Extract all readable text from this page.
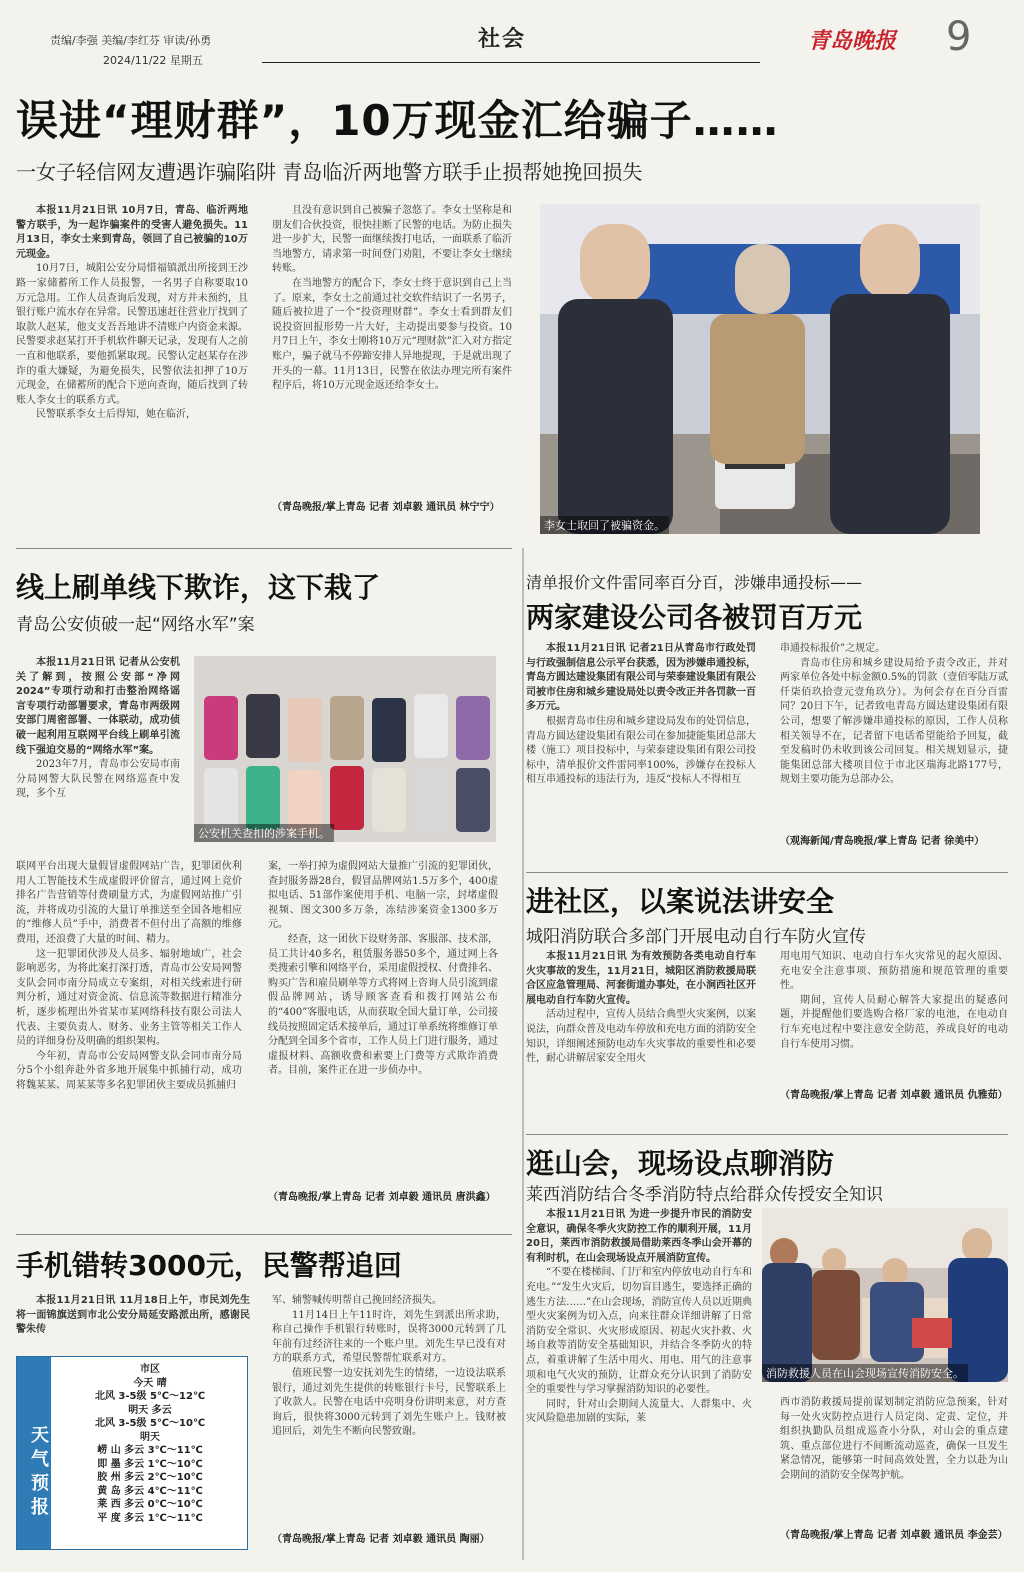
责编/李强 美编/李红芬 审读/孙勇
2024/11/22 星期五
社会	青岛晚报 9
误进“理财群”，10万现金汇给骗子……
一女子轻信网友遭遇诈骗陷阱 青岛临沂两地警方联手止损帮她挽回损失

本报11月21日讯 10月7日，青岛、临沂两地警方联手，为一起诈骗案件的受害人避免损失。11月13日，李女士来到青岛，领回了自己被骗的10万元现金。

10月7日，城阳公安分局惜福镇派出所接到王沙路一家储蓄所工作人员报警，一名男子自称要取10万元急用。工作人员查询后发现，对方并未预约，且银行账户流水存在异常。民警迅速赶往营业厅找到了取款人赵某，他支支吾吾地讲不清账户内资金来源。民警要求赵某打开手机软件聊天记录，发现有人之前一直和他联系，要他抓紧取现。民警认定赵某存在涉诈的重大嫌疑，为避免损失，民警依法扣押了10万元现金，在储蓄所的配合下逆向查询，随后找到了转账人李女士的联系方式。

民警联系李女士后得知，她在临沂，

且没有意识到自己被骗子忽悠了。李女士坚称是和朋友们合伙投资，很快挂断了民警的电话。为防止损失进一步扩大，民警一面继续拨打电话，一面联系了临沂当地警方，请求第一时间登门劝阻，不要让李女士继续转账。

在当地警方的配合下，李女士终于意识到自己上当了。原来，李女士之前通过社交软件结识了一名男子，随后被拉进了一个“投资理财群”。李女士看到群友们说投资回报形势一片大好，主动提出要参与投资。10月7日上午，李女士刚将10万元“理财款”汇入对方指定账户，骗子就马不停蹄安排人异地提现，于是就出现了开头的一幕。11月13日，民警在依法办理完所有案件程序后，将10万元现金返还给李女士。

（青岛晚报/掌上青岛 记者 刘卓毅 通讯员 林宁宁）
李女士取回了被骗资金。
线上刷单线下欺诈，这下栽了
青岛公安侦破一起“网络水军”案

本报11月21日讯 记者从公安机关了解到，按照公安部“净网2024”专项行动和打击整治网络谣言专项行动部署要求，青岛市两级网安部门周密部署、一体联动，成功侦破一起利用互联网平台线上刷单引流线下强迫交易的“网络水军”案。

2023年7月，青岛市公安局市南分局网警大队民警在网络巡查中发现，多个互

公安机关查扣的涉案手机。

联网平台出现大量假冒虚假网站广告，犯罪团伙利用人工智能技术生成虚假评价留言，通过网上竞价排名广告营销等付费刷量方式，为虚假网站推广引流，并将成功引流的大量订单推送至全国各地相应的“维修人员”手中，消费者不但付出了高额的维修费用，还浪费了大量的时间、精力。

这一犯罪团伙涉及人员多、辐射地域广，社会影响恶劣，为将此案打深打透，青岛市公安局网警支队会同市南分局成立专案组，对相关线索进行研判分析，通过对资金流、信息流等数据进行精准分析，逐步梳理出外省某市某网络科技有限公司法人代表、主要负责人、财务、业务主管等相关工作人员的详细身份及明确的组织架构。

今年初，青岛市公安局网警支队会同市南分局分5个小组奔赴外省多地开展集中抓捕行动，成功将魏某某、周某某等多名犯罪团伙主要成员抓捕归

案，一举打掉为虚假网站大量推广引流的犯罪团伙，查封服务器28台，假冒品牌网站1.5万多个，400虚拟电话、51部作案使用手机、电脑一宗，封堵虚假视频、图文300多万条，冻结涉案资金1300多万元。

经查，这一团伙下设财务部、客服部、技术部，员工共计40多名，租赁服务器50多个，通过网上各类搜索引擎和网络平台，采用虚假授权、付费排名、购买广告和雇员刷单等方式将网上咨询人员引流到虚假品牌网站，诱导顾客查看和拨打网站公布的“400”客服电话，从而获取全国大量订单，公司接线员按照固定话术接单后，通过订单系统将维修订单分配到全国多个省市，工作人员上门进行服务，通过虚报材料、高额收费和索要上门费等方式欺诈消费者。目前，案件正在进一步侦办中。

（青岛晚报/掌上青岛 记者 刘卓毅 通讯员 唐洪鑫）
手机错转3000元，民警帮追回

本报11月21日讯 11月18日上午，市民刘先生将一面锦旗送到市北公安分局延安路派出所，感谢民警朱传

军、辅警喊传明帮自己挽回经济损失。

11月14日上午11时许，刘先生到派出所求助，称自己操作手机银行转账时，误将3000元转到了几年前有过经济往来的一个账户里。刘先生早已没有对方的联系方式，希望民警帮忙联系对方。

值班民警一边安抚刘先生的情绪，一边设法联系银行，通过刘先生提供的转账银行卡号，民警联系上了收款人。民警在电话中亮明身份讲明来意，对方查询后，很快将3000元转到了刘先生账户上。钱财被追回后，刘先生不断向民警致谢。

（青岛晚报/掌上青岛 记者 刘卓毅 通讯员 陶丽）
天气预报
市区
今天 晴
北风 3-5级 5℃～12℃
明天 多云
北风 3-5级 5℃～10℃
明天
崂 山 多云 3℃～11℃
即 墨 多云 1℃～10℃
胶 州 多云 2℃～10℃
黄 岛 多云 4℃～11℃
莱 西 多云 0℃～10℃
平 度 多云 1℃～11℃
清单报价文件雷同率百分百，涉嫌串通投标——
两家建设公司各被罚百万元

本报11月21日讯 记者21日从青岛市行政处罚与行政强制信息公示平台获悉，因为涉嫌串通投标，青岛方圆达建设集团有限公司与荣泰建设集团有限公司被市住房和城乡建设局处以责令改正并各罚款一百多万元。

根据青岛市住房和城乡建设局发布的处罚信息，青岛方圆达建设集团有限公司在参加捷能集团总部大楼（施工）项目投标中，与荣泰建设集团有限公司投标中，清单报价文件雷同率100%，涉嫌存在投标人相互串通投标的违法行为，违反“投标人不得相互

串通投标报价”之规定。

青岛市住房和城乡建设局给予责令改正，并对两家单位各处中标金额0.5%的罚款（壹佰零陆万贰仟柒佰玖拾壹元壹角玖分）。为何会存在百分百雷同？20日下午，记者致电青岛方圆达建设集团有限公司，想要了解涉嫌串通投标的原因，工作人员称相关领导不在，记者留下电话希望能给予回复，截至发稿时仍未收到该公司回复。相关规划显示，捷能集团总部大楼项目位于市北区瑞海北路177号，规划主要功能为总部办公。

（观海新闻/青岛晚报/掌上青岛 记者 徐美中）
进社区，以案说法讲安全
城阳消防联合多部门开展电动自行车防火宣传

本报11月21日讯 为有效预防各类电动自行车火灾事故的发生，11月21日，城阳区消防救援局联合区应急管理局、河套街道办事处，在小涧西社区开展电动自行车防火宣传。

活动过程中，宣传人员结合典型火灾案例，以案说法，向群众普及电动车停放和充电方面的消防安全知识，详细阐述预防电动车火灾事故的重要性和必要性，耐心讲解居家安全用火

用电用气知识、电动自行车火灾常见的起火原因、充电安全注意事项、预防措施和规范管理的重要性。

期间，宣传人员耐心解答大家提出的疑惑问题，并提醒他们要选购合格厂家的电池，在电动自行车充电过程中要注意安全防范，养成良好的电动自行车使用习惯。

（青岛晚报/掌上青岛 记者 刘卓毅 通讯员 仇雅茹）
逛山会，现场设点聊消防
莱西消防结合冬季消防特点给群众传授安全知识

本报11月21日讯 为进一步提升市民的消防安全意识，确保冬季火灾防控工作的顺利开展，11月20日，莱西市消防救援局借助莱西冬季山会开幕的有利时机，在山会现场设点开展消防宣传。

“不要在楼梯间、门厅和室内停放电动自行车和充电。”“发生火灾后，切勿盲目逃生，要选择正确的逃生方法……”在山会现场，消防宣传人员以近期典型火灾案例为切入点，向来往群众详细讲解了日常消防安全常识、火灾形成原因、初起火灾扑救、火场自救等消防安全基础知识，并结合冬季防火的特点，着重讲解了生活中用火、用电、用气的注意事项和电气火灾的预防，让群众充分认识到了消防安全的重要性与学习掌握消防知识的必要性。

同时，针对山会期间人流量大、人群集中、火灾风险隐患加剧的实际，莱

消防救援人员在山会现场宣传消防安全。

西市消防救援局提前谋划制定消防应急预案，针对每一处火灾防控点进行人员定岗、定责、定位，并组织执勤队员组成巡查小分队，对山会的重点建筑、重点部位进行不间断流动巡查，确保一旦发生紧急情况，能够第一时间高效处置，全力以赴为山会期间的消防安全保驾护航。

（青岛晚报/掌上青岛 记者 刘卓毅 通讯员 李金芸）
